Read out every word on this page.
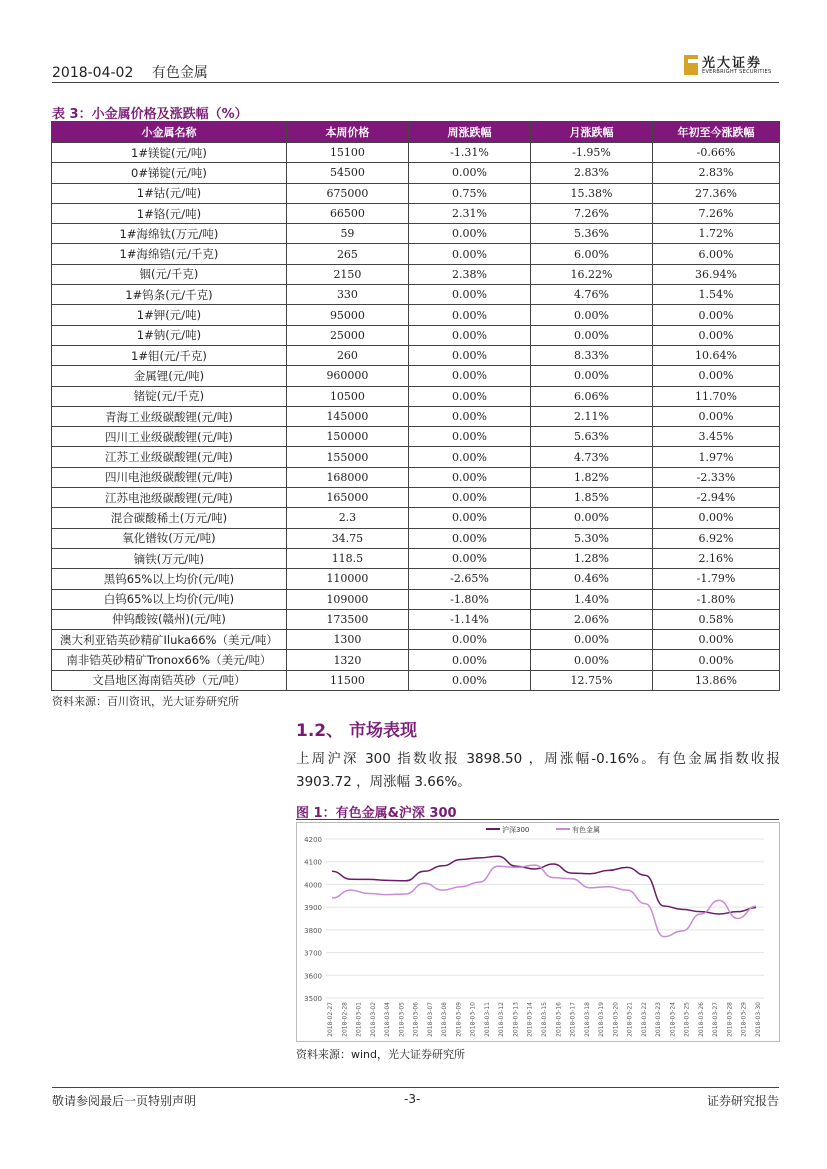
2018-04-02 有色金属
光大证券
EVERBRIGHT SECURITIES
表 3：小金属价格及涨跌幅（%）
小金属名称	本周价格	周涨跌幅	月涨跌幅	年初至今涨跌幅
1#镁锭(元/吨)	15100	-1.31%	-1.95%	-0.66%
0#锑锭(元/吨)	54500	0.00%	2.83%	2.83%
1#钴(元/吨)	675000	0.75%	15.38%	27.36%
1#铬(元/吨)	66500	2.31%	7.26%	7.26%
1#海绵钛(万元/吨)	59	0.00%	5.36%	1.72%
1#海绵锆(元/千克)	265	0.00%	6.00%	6.00%
铟(元/千克)	2150	2.38%	16.22%	36.94%
1#钨条(元/千克)	330	0.00%	4.76%	1.54%
1#钾(元/吨)	95000	0.00%	0.00%	0.00%
1#钠(元/吨)	25000	0.00%	0.00%	0.00%
1#钼(元/千克)	260	0.00%	8.33%	10.64%
金属锂(元/吨)	960000	0.00%	0.00%	0.00%
锗锭(元/千克)	10500	0.00%	6.06%	11.70%
青海工业级碳酸锂(元/吨)	145000	0.00%	2.11%	0.00%
四川工业级碳酸锂(元/吨)	150000	0.00%	5.63%	3.45%
江苏工业级碳酸锂(元/吨)	155000	0.00%	4.73%	1.97%
四川电池级碳酸锂(元/吨)	168000	0.00%	1.82%	-2.33%
江苏电池级碳酸锂(元/吨)	165000	0.00%	1.85%	-2.94%
混合碳酸稀土(万元/吨)	2.3	0.00%	0.00%	0.00%
氧化镨钕(万元/吨)	34.75	0.00%	5.30%	6.92%
镝铁(万元/吨)	118.5	0.00%	1.28%	2.16%
黑钨65%以上均价(元/吨)	110000	-2.65%	0.46%	-1.79%
白钨65%以上均价(元/吨)	109000	-1.80%	1.40%	-1.80%
仲钨酸铵(赣州)(元/吨)	173500	-1.14%	2.06%	0.58%
澳大利亚锆英砂精矿Iluka66%（美元/吨）	1300	0.00%	0.00%	0.00%
南非锆英砂精矿Tronox66%（美元/吨）	1320	0.00%	0.00%	0.00%
文昌地区海南锆英砂（元/吨）	11500	0.00%	12.75%	13.86%
资料来源：百川资讯，光大证券研究所
1.2、 市场表现
上周沪深 300 指数收报 3898.50 ，周涨幅-0.16%。有色金属指数收报 3903.72 ，周涨幅 3.66%。
图 1：有色金属&沪深 300
4200
4100
4000
3900
3800
3700
3600
3500
2018-02-27 2018-02-28 2018-03-01 2018-03-02 2018-03-04 2018-03-05 2018-03-06 2018-03-07 2018-03-08 2018-03-09 2018-03-10 2018-03-11 2018-03-12 2018-03-13 2018-03-14 2018-03-15 2018-03-16 2018-03-17 2018-03-18 2018-03-19 2018-03-20 2018-03-21 2018-03-22 2018-03-23 2018-03-24 2018-03-25 2018-03-26 2018-03-27 2018-03-28 2018-03-29 2018-03-30
沪深300	有色金属
资料来源：wind，光大证券研究所
敬请参阅最后一页特别声明	-3-	证券研究报告
